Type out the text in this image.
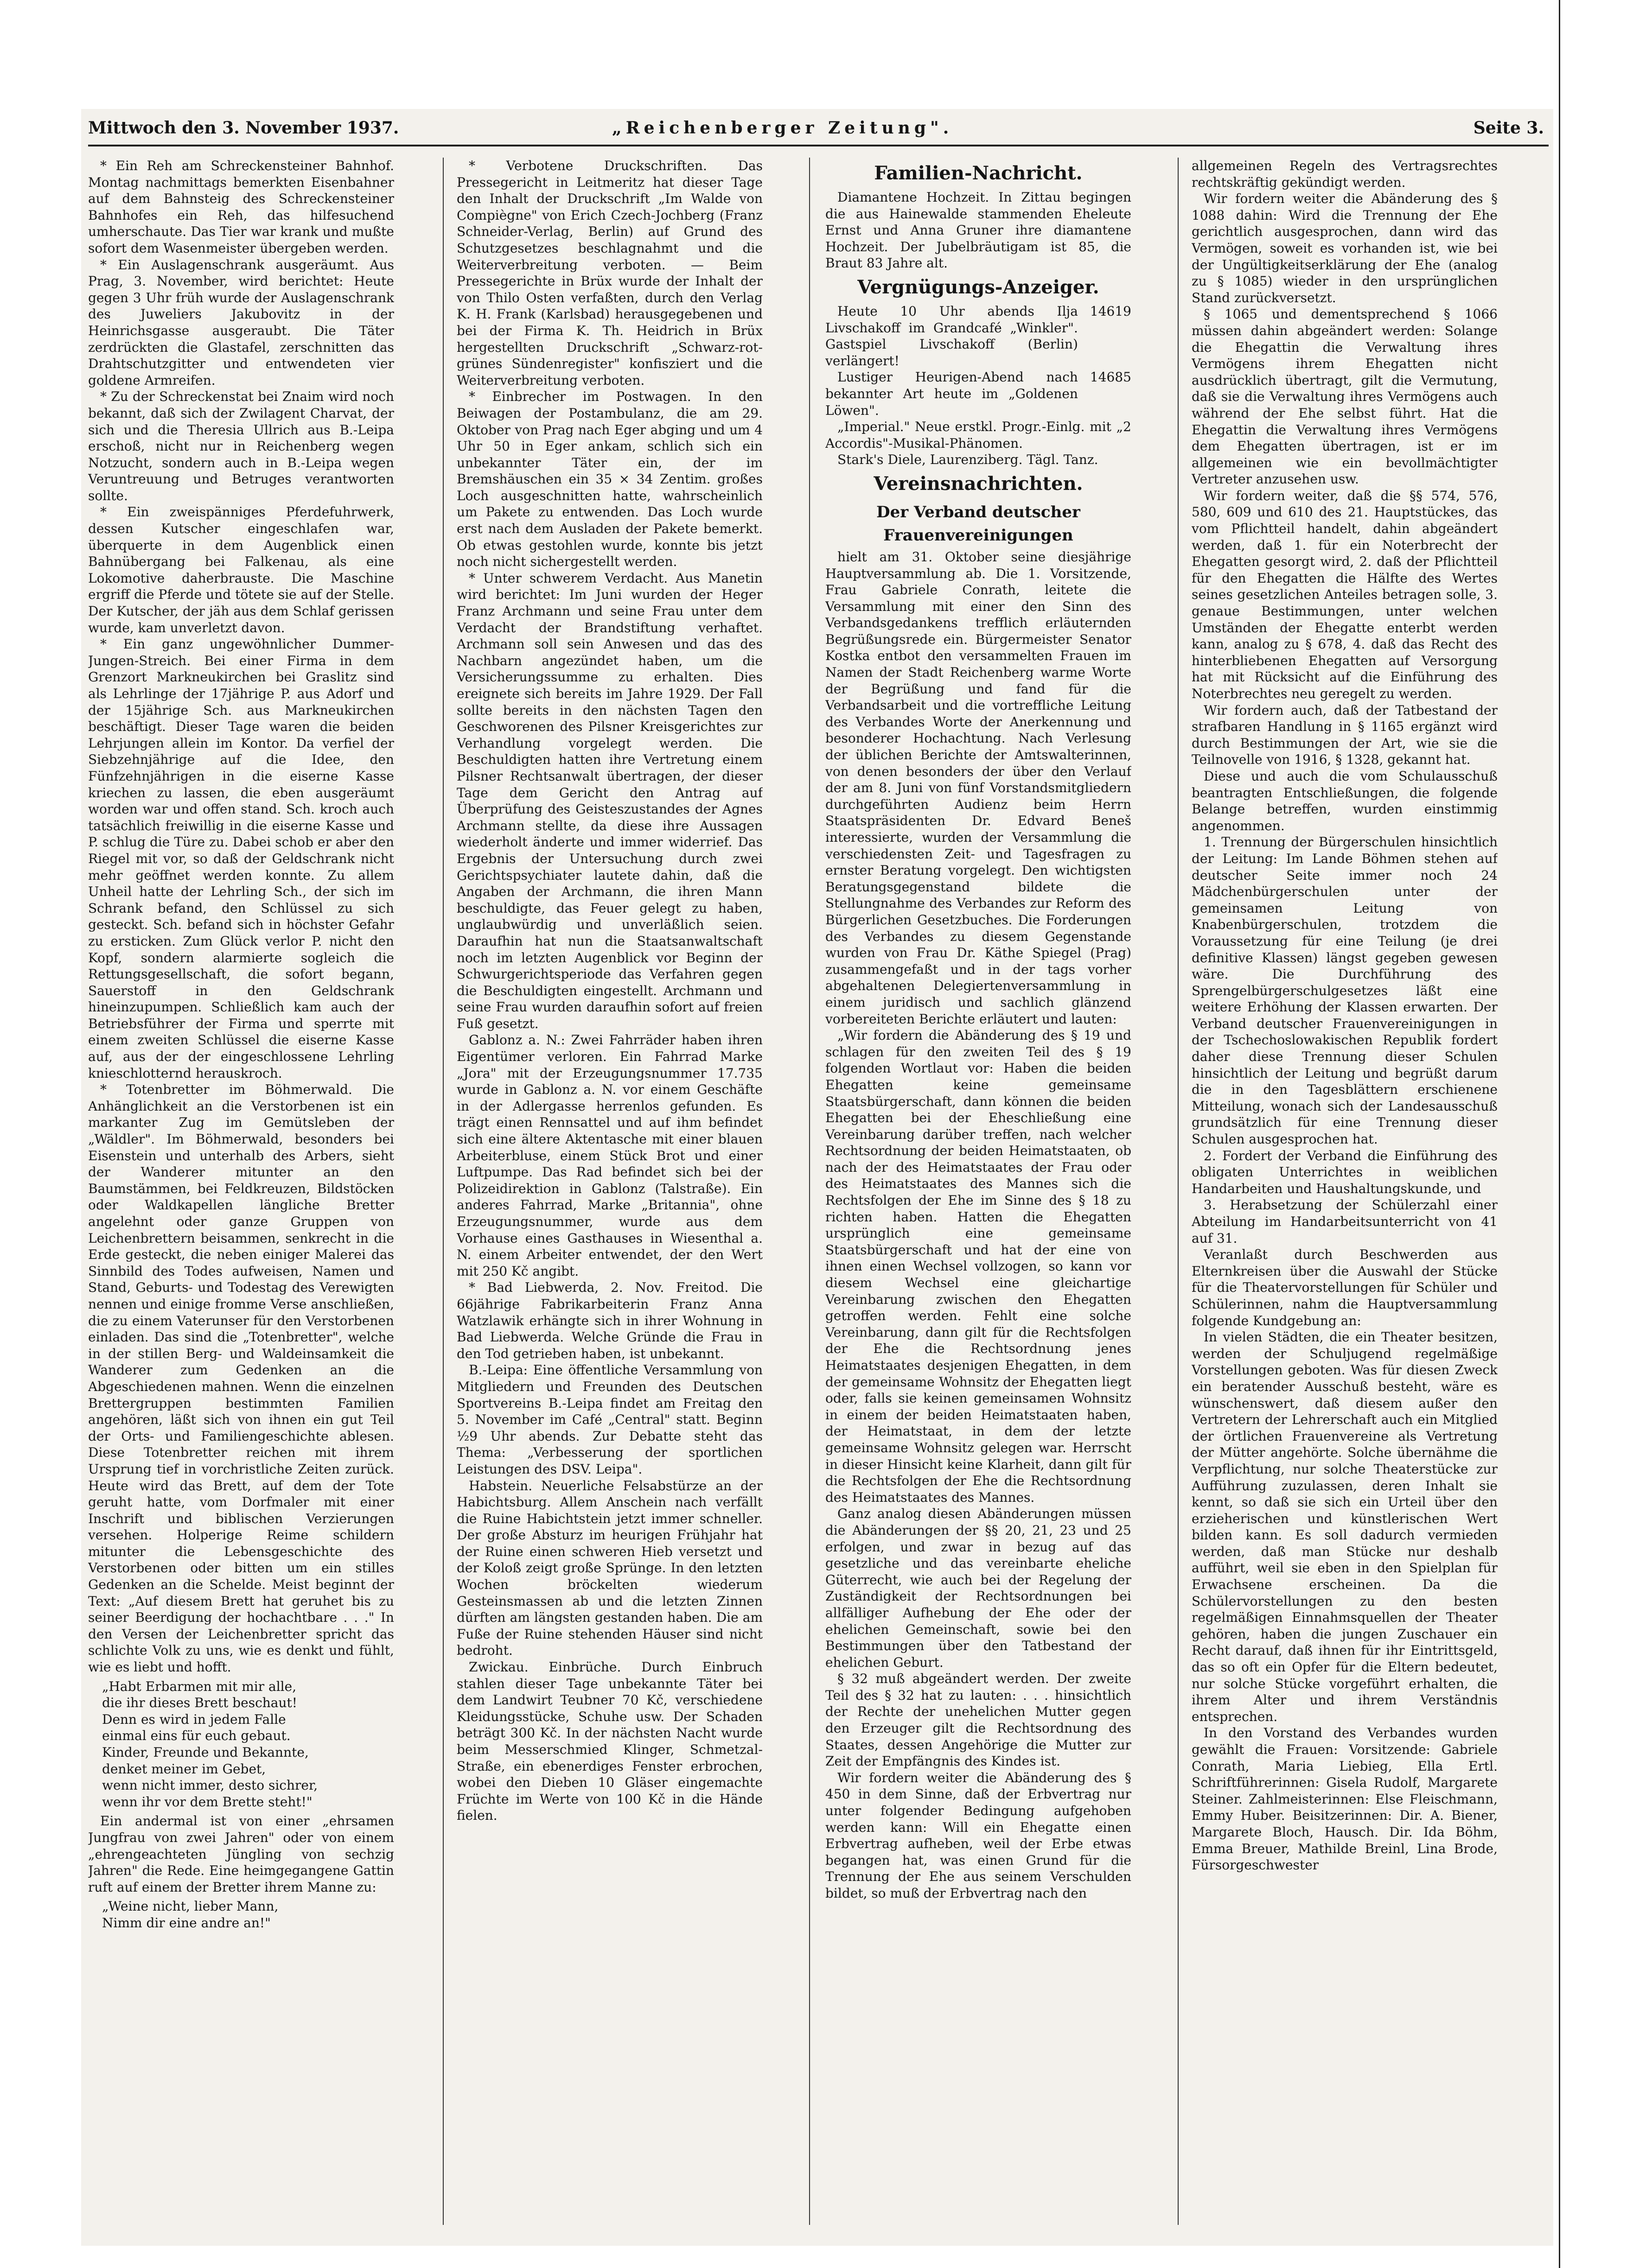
Mittwoch den 3. November 1937.	„Reichenberger Zeitung".	Seite 3.

* Ein Reh am Schreckensteiner Bahnhof. Montag nachmittags bemerkten Eisenbahner auf dem Bahnsteig des Schreckensteiner Bahnhofes ein Reh, das hilfesuchend umherschaute. Das Tier war krank und mußte sofort dem Wasenmeister übergeben werden.

* Ein Auslagenschrank ausgeräumt. Aus Prag, 3. November, wird berichtet: Heute gegen 3 Uhr früh wurde der Auslagenschrank des Juweliers Jakubovitz in der Heinrichsgasse ausgeraubt. Die Täter zerdrückten die Glastafel, zerschnitten das Drahtschutzgitter und entwendeten vier goldene Armreifen.

* Zu der Schreckenstat bei Znaim wird noch bekannt, daß sich der Zwilagent Charvat, der sich und die Theresia Ullrich aus B.-Leipa erschoß, nicht nur in Reichenberg wegen Notzucht, sondern auch in B.-Leipa wegen Veruntreuung und Betruges verantworten sollte.

* Ein zweispänniges Pferdefuhrwerk, dessen Kutscher eingeschlafen war, überquerte in dem Augenblick einen Bahnübergang bei Falkenau, als eine Lokomotive daherbrauste. Die Maschine ergriff die Pferde und tötete sie auf der Stelle. Der Kutscher, der jäh aus dem Schlaf gerissen wurde, kam unverletzt davon.

* Ein ganz ungewöhnlicher Dummer-Jungen-Streich. Bei einer Firma in dem Grenzort Markneukirchen bei Graslitz sind als Lehrlinge der 17jährige P. aus Adorf und der 15jährige Sch. aus Markneukirchen beschäftigt. Dieser Tage waren die beiden Lehrjungen allein im Kontor. Da verfiel der Siebzehnjährige auf die Idee, den Fünfzehnjährigen in die eiserne Kasse kriechen zu lassen, die eben ausgeräumt worden war und offen stand. Sch. kroch auch tatsächlich freiwillig in die eiserne Kasse und P. schlug die Türe zu. Dabei schob er aber den Riegel mit vor, so daß der Geldschrank nicht mehr geöffnet werden konnte. Zu allem Unheil hatte der Lehrling Sch., der sich im Schrank befand, den Schlüssel zu sich gesteckt. Sch. befand sich in höchster Gefahr zu ersticken. Zum Glück verlor P. nicht den Kopf, sondern alarmierte sogleich die Rettungsgesellschaft, die sofort begann, Sauerstoff in den Geldschrank hineinzupumpen. Schließlich kam auch der Betriebsführer der Firma und sperrte mit einem zweiten Schlüssel die eiserne Kasse auf, aus der der eingeschlossene Lehrling knieschlotternd herauskroch.

* Totenbretter im Böhmerwald. Die Anhänglichkeit an die Verstorbenen ist ein markanter Zug im Gemütsleben der „Wäldler". Im Böhmerwald, besonders bei Eisenstein und unterhalb des Arbers, sieht der Wanderer mitunter an den Baumstämmen, bei Feldkreuzen, Bildstöcken oder Waldkapellen längliche Bretter angelehnt oder ganze Gruppen von Leichenbrettern beisammen, senkrecht in die Erde gesteckt, die neben einiger Malerei das Sinnbild des Todes aufweisen, Namen und Stand, Geburts- und Todestag des Verewigten nennen und einige fromme Verse anschließen, die zu einem Vaterunser für den Verstorbenen einladen. Das sind die „Totenbretter", welche in der stillen Berg- und Waldeinsamkeit die Wanderer zum Gedenken an die Abgeschiedenen mahnen. Wenn die einzelnen Brettergruppen bestimmten Familien angehören, läßt sich von ihnen ein gut Teil der Orts- und Familiengeschichte ablesen. Diese Totenbretter reichen mit ihrem Ursprung tief in vorchristliche Zeiten zurück. Heute wird das Brett, auf dem der Tote geruht hatte, vom Dorfmaler mit einer Inschrift und biblischen Verzierungen versehen. Holperige Reime schildern mitunter die Lebensgeschichte des Verstorbenen oder bitten um ein stilles Gedenken an die Schelde. Meist beginnt der Text: „Auf diesem Brett hat geruhet bis zu seiner Beerdigung der hochachtbare . . ." In den Versen der Leichenbretter spricht das schlichte Volk zu uns, wie es denkt und fühlt, wie es liebt und hofft.

„Habt Erbarmen mit mir alle,
die ihr dieses Brett beschaut!
Denn es wird in jedem Falle
einmal eins für euch gebaut.
Kinder, Freunde und Bekannte,
denket meiner im Gebet,
wenn nicht immer, desto sichrer,
wenn ihr vor dem Brette steht!"

Ein andermal ist von einer „ehrsamen Jungfrau von zwei Jahren" oder von einem „ehrengeachteten Jüngling von sechzig Jahren" die Rede. Eine heimgegangene Gattin ruft auf einem der Bretter ihrem Manne zu:

„Weine nicht, lieber Mann,
Nimm dir eine andre an!"

* Verbotene Druckschriften. Das Pressegericht in Leitmeritz hat dieser Tage den Inhalt der Druckschrift „Im Walde von Compiègne" von Erich Czech-Jochberg (Franz Schneider-Verlag, Berlin) auf Grund des Schutzgesetzes beschlagnahmt und die Weiterverbreitung verboten. — Beim Pressegerichte in Brüx wurde der Inhalt der von Thilo Osten verfaßten, durch den Verlag K. H. Frank (Karlsbad) herausgegebenen und bei der Firma K. Th. Heidrich in Brüx hergestellten Druckschrift „Schwarz-rot-grünes Sündenregister" konfisziert und die Weiterverbreitung verboten.

* Einbrecher im Postwagen. In den Beiwagen der Postambulanz, die am 29. Oktober von Prag nach Eger abging und um 4 Uhr 50 in Eger ankam, schlich sich ein unbekannter Täter ein, der im Bremshäuschen ein 35 × 34 Zentim. großes Loch ausgeschnitten hatte, wahrscheinlich um Pakete zu entwenden. Das Loch wurde erst nach dem Ausladen der Pakete bemerkt. Ob etwas gestohlen wurde, konnte bis jetzt noch nicht sichergestellt werden.

* Unter schwerem Verdacht. Aus Manetin wird berichtet: Im Juni wurden der Heger Franz Archmann und seine Frau unter dem Verdacht der Brandstiftung verhaftet. Archmann soll sein Anwesen und das des Nachbarn angezündet haben, um die Versicherungssumme zu erhalten. Dies ereignete sich bereits im Jahre 1929. Der Fall sollte bereits in den nächsten Tagen den Geschworenen des Pilsner Kreisgerichtes zur Verhandlung vorgelegt werden. Die Beschuldigten hatten ihre Vertretung einem Pilsner Rechtsanwalt übertragen, der dieser Tage dem Gericht den Antrag auf Überprüfung des Geisteszustandes der Agnes Archmann stellte, da diese ihre Aussagen wiederholt änderte und immer widerrief. Das Ergebnis der Untersuchung durch zwei Gerichtspsychiater lautete dahin, daß die Angaben der Archmann, die ihren Mann beschuldigte, das Feuer gelegt zu haben, unglaubwürdig und unverläßlich seien. Daraufhin hat nun die Staatsanwaltschaft noch im letzten Augenblick vor Beginn der Schwurgerichtsperiode das Verfahren gegen die Beschuldigten eingestellt. Archmann und seine Frau wurden daraufhin sofort auf freien Fuß gesetzt.

Gablonz a. N.: Zwei Fahrräder haben ihren Eigentümer verloren. Ein Fahrrad Marke „Jora" mit der Erzeugungsnummer 17.735 wurde in Gablonz a. N. vor einem Geschäfte in der Adlergasse herrenlos gefunden. Es trägt einen Rennsattel und auf ihm befindet sich eine ältere Aktentasche mit einer blauen Arbeiterbluse, einem Stück Brot und einer Luftpumpe. Das Rad befindet sich bei der Polizeidirektion in Gablonz (Talstraße). Ein anderes Fahrrad, Marke „Britannia", ohne Erzeugungsnummer, wurde aus dem Vorhause eines Gasthauses in Wiesenthal a. N. einem Arbeiter entwendet, der den Wert mit 250 Kč angibt.

* Bad Liebwerda, 2. Nov. Freitod. Die 66jährige Fabrikarbeiterin Franz Anna Watzlawik erhängte sich in ihrer Wohnung in Bad Liebwerda. Welche Gründe die Frau in den Tod getrieben haben, ist unbekannt.

B.-Leipa: Eine öffentliche Versammlung von Mitgliedern und Freunden des Deutschen Sportvereins B.-Leipa findet am Freitag den 5. November im Café „Central" statt. Beginn ½9 Uhr abends. Zur Debatte steht das Thema: „Verbesserung der sportlichen Leistungen des DSV. Leipa".

Habstein. Neuerliche Felsabstürze an der Habichtsburg. Allem Anschein nach verfällt die Ruine Habichtstein jetzt immer schneller. Der große Absturz im heurigen Frühjahr hat der Ruine einen schweren Hieb versetzt und der Koloß zeigt große Sprünge. In den letzten Wochen bröckelten wiederum Gesteinsmassen ab und die letzten Zinnen dürften am längsten gestanden haben. Die am Fuße der Ruine stehenden Häuser sind nicht bedroht.

Zwickau. Einbrüche. Durch Einbruch stahlen dieser Tage unbekannte Täter bei dem Landwirt Teubner 70 Kč, verschiedene Kleidungsstücke, Schuhe usw. Der Schaden beträgt 300 Kč. In der nächsten Nacht wurde beim Messerschmied Klinger, Schmetzal-Straße, ein ebenerdiges Fenster erbrochen, wobei den Dieben 10 Gläser eingemachte Früchte im Werte von 100 Kč in die Hände fielen.

Familien-Nachricht.

Diamantene Hochzeit. In Zittau begingen die aus Hainewalde stammenden Eheleute Ernst und Anna Gruner ihre diamantene Hochzeit. Der Jubelbräutigam ist 85, die Braut 83 Jahre alt.

Vergnügungs-Anzeiger.

Heute 10 Uhr abends Ilja Livschakoff im Grandcafé „Winkler". Gastspiel Livschakoff (Berlin) verlängert!
14619

Lustiger Heurigen-Abend nach bekannter Art heute im „Goldenen Löwen".
14685

„Imperial." Neue erstkl. Progr.-Einlg. mit „2 Accordis"-Musikal-Phänomen.

Stark's Diele, Laurenziberg. Tägl. Tanz.

Vereinsnachrichten.
Der Verband deutscher Frauenvereinigungen

hielt am 31. Oktober seine diesjährige Hauptversammlung ab. Die 1. Vorsitzende, Frau Gabriele Conrath, leitete die Versammlung mit einer den Sinn des Verbandsgedankens trefflich erläuternden Begrüßungsrede ein. Bürgermeister Senator Kostka entbot den versammelten Frauen im Namen der Stadt Reichenberg warme Worte der Begrüßung und fand für die Verbandsarbeit und die vortreffliche Leitung des Verbandes Worte der Anerkennung und besonderer Hochachtung. Nach Verlesung der üblichen Berichte der Amtswalterinnen, von denen besonders der über den Verlauf der am 8. Juni von fünf Vorstandsmitgliedern durchgeführten Audienz beim Herrn Staatspräsidenten Dr. Edvard Beneš interessierte, wurden der Versammlung die verschiedensten Zeit- und Tagesfragen zu ernster Beratung vorgelegt. Den wichtigsten Beratungsgegenstand bildete die Stellungnahme des Verbandes zur Reform des Bürgerlichen Gesetzbuches. Die Forderungen des Verbandes zu diesem Gegenstande wurden von Frau Dr. Käthe Spiegel (Prag) zusammengefaßt und in der tags vorher abgehaltenen Delegiertenversammlung in einem juridisch und sachlich glänzend vorbereiteten Berichte erläutert und lauten:

„Wir fordern die Abänderung des § 19 und schlagen für den zweiten Teil des § 19 folgenden Wortlaut vor: Haben die beiden Ehegatten keine gemeinsame Staatsbürgerschaft, dann können die beiden Ehegatten bei der Eheschließung eine Vereinbarung darüber treffen, nach welcher Rechtsordnung der beiden Heimatstaaten, ob nach der des Heimatstaates der Frau oder des Heimatstaates des Mannes sich die Rechtsfolgen der Ehe im Sinne des § 18 zu richten haben. Hatten die Ehegatten ursprünglich eine gemeinsame Staatsbürgerschaft und hat der eine von ihnen einen Wechsel vollzogen, so kann vor diesem Wechsel eine gleichartige Vereinbarung zwischen den Ehegatten getroffen werden. Fehlt eine solche Vereinbarung, dann gilt für die Rechtsfolgen der Ehe die Rechtsordnung jenes Heimatstaates desjenigen Ehegatten, in dem der gemeinsame Wohnsitz der Ehegatten liegt oder, falls sie keinen gemeinsamen Wohnsitz in einem der beiden Heimatstaaten haben, der Heimatstaat, in dem der letzte gemeinsame Wohnsitz gelegen war. Herrscht in dieser Hinsicht keine Klarheit, dann gilt für die Rechtsfolgen der Ehe die Rechtsordnung des Heimatstaates des Mannes.

Ganz analog diesen Abänderungen müssen die Abänderungen der §§ 20, 21, 23 und 25 erfolgen, und zwar in bezug auf das gesetzliche und das vereinbarte eheliche Güterrecht, wie auch bei der Regelung der Zuständigkeit der Rechtsordnungen bei allfälliger Aufhebung der Ehe oder der ehelichen Gemeinschaft, sowie bei den Bestimmungen über den Tatbestand der ehelichen Geburt.

§ 32 muß abgeändert werden. Der zweite Teil des § 32 hat zu lauten: . . . hinsichtlich der Rechte der unehelichen Mutter gegen den Erzeuger gilt die Rechtsordnung des Staates, dessen Angehörige die Mutter zur Zeit der Empfängnis des Kindes ist.

Wir fordern weiter die Abänderung des § 450 in dem Sinne, daß der Erbvertrag nur unter folgender Bedingung aufgehoben werden kann: Will ein Ehegatte einen Erbvertrag aufheben, weil der Erbe etwas begangen hat, was einen Grund für die Trennung der Ehe aus seinem Verschulden bildet, so muß der Erbvertrag nach den

allgemeinen Regeln des Vertragsrechtes rechtskräftig gekündigt werden.

Wir fordern weiter die Abänderung des § 1088 dahin: Wird die Trennung der Ehe gerichtlich ausgesprochen, dann wird das Vermögen, soweit es vorhanden ist, wie bei der Ungültigkeitserklärung der Ehe (analog zu § 1085) wieder in den ursprünglichen Stand zurückversetzt.

§ 1065 und dementsprechend § 1066 müssen dahin abgeändert werden: Solange die Ehegattin die Verwaltung ihres Vermögens ihrem Ehegatten nicht ausdrücklich übertragt, gilt die Vermutung, daß sie die Verwaltung ihres Vermögens auch während der Ehe selbst führt. Hat die Ehegattin die Verwaltung ihres Vermögens dem Ehegatten übertragen, ist er im allgemeinen wie ein bevollmächtigter Vertreter anzusehen usw.

Wir fordern weiter, daß die §§ 574, 576, 580, 609 und 610 des 21. Hauptstückes, das vom Pflichtteil handelt, dahin abgeändert werden, daß 1. für ein Noterbrecht der Ehegatten gesorgt wird, 2. daß der Pflichtteil für den Ehegatten die Hälfte des Wertes seines gesetzlichen Anteiles betragen solle, 3. genaue Bestimmungen, unter welchen Umständen der Ehegatte enterbt werden kann, analog zu § 678, 4. daß das Recht des hinterbliebenen Ehegatten auf Versorgung hat mit Rücksicht auf die Einführung des Noterbrechtes neu geregelt zu werden.

Wir fordern auch, daß der Tatbestand der strafbaren Handlung in § 1165 ergänzt wird durch Bestimmungen der Art, wie sie die Teilnovelle von 1916, § 1328, gekannt hat.

Diese und auch die vom Schulausschuß beantragten Entschließungen, die folgende Belange betreffen, wurden einstimmig angenommen.

1. Trennung der Bürgerschulen hinsichtlich der Leitung: Im Lande Böhmen stehen auf deutscher Seite immer noch 24 Mädchenbürgerschulen unter der gemeinsamen Leitung von Knabenbürgerschulen, trotzdem die Voraussetzung für eine Teilung (je drei definitive Klassen) längst gegeben gewesen wäre. Die Durchführung des Sprengelbürgerschulgesetzes läßt eine weitere Erhöhung der Klassen erwarten. Der Verband deutscher Frauenvereinigungen in der Tschechoslowakischen Republik fordert daher diese Trennung dieser Schulen hinsichtlich der Leitung und begrüßt darum die in den Tagesblättern erschienene Mitteilung, wonach sich der Landesausschuß grundsätzlich für eine Trennung dieser Schulen ausgesprochen hat.

2. Fordert der Verband die Einführung des obligaten Unterrichtes in weiblichen Handarbeiten und Haushaltungskunde, und

3. Herabsetzung der Schülerzahl einer Abteilung im Handarbeitsunterricht von 41 auf 31.

Veranlaßt durch Beschwerden aus Elternkreisen über die Auswahl der Stücke für die Theatervorstellungen für Schüler und Schülerinnen, nahm die Hauptversammlung folgende Kundgebung an:

In vielen Städten, die ein Theater besitzen, werden der Schuljugend regelmäßige Vorstellungen geboten. Was für diesen Zweck ein beratender Ausschuß besteht, wäre es wünschenswert, daß diesem außer den Vertretern der Lehrerschaft auch ein Mitglied der örtlichen Frauenvereine als Vertretung der Mütter angehörte. Solche übernähme die Verpflichtung, nur solche Theaterstücke zur Aufführung zuzulassen, deren Inhalt sie kennt, so daß sie sich ein Urteil über den erzieherischen und künstlerischen Wert bilden kann. Es soll dadurch vermieden werden, daß man Stücke nur deshalb aufführt, weil sie eben in den Spielplan für Erwachsene erscheinen. Da die Schülervorstellungen zu den besten regelmäßigen Einnahmsquellen der Theater gehören, haben die jungen Zuschauer ein Recht darauf, daß ihnen für ihr Eintrittsgeld, das so oft ein Opfer für die Eltern bedeutet, nur solche Stücke vorgeführt erhalten, die ihrem Alter und ihrem Verständnis entsprechen.

In den Vorstand des Verbandes wurden gewählt die Frauen: Vorsitzende: Gabriele Conrath, Maria Liebieg, Ella Ertl. Schriftführerinnen: Gisela Rudolf, Margarete Steiner. Zahlmeisterinnen: Else Fleischmann, Emmy Huber. Beisitzerinnen: Dir. A. Biener, Margarete Bloch, Hausch. Dir. Ida Böhm, Emma Breuer, Mathilde Breinl, Lina Brode, Fürsorgeschwester
